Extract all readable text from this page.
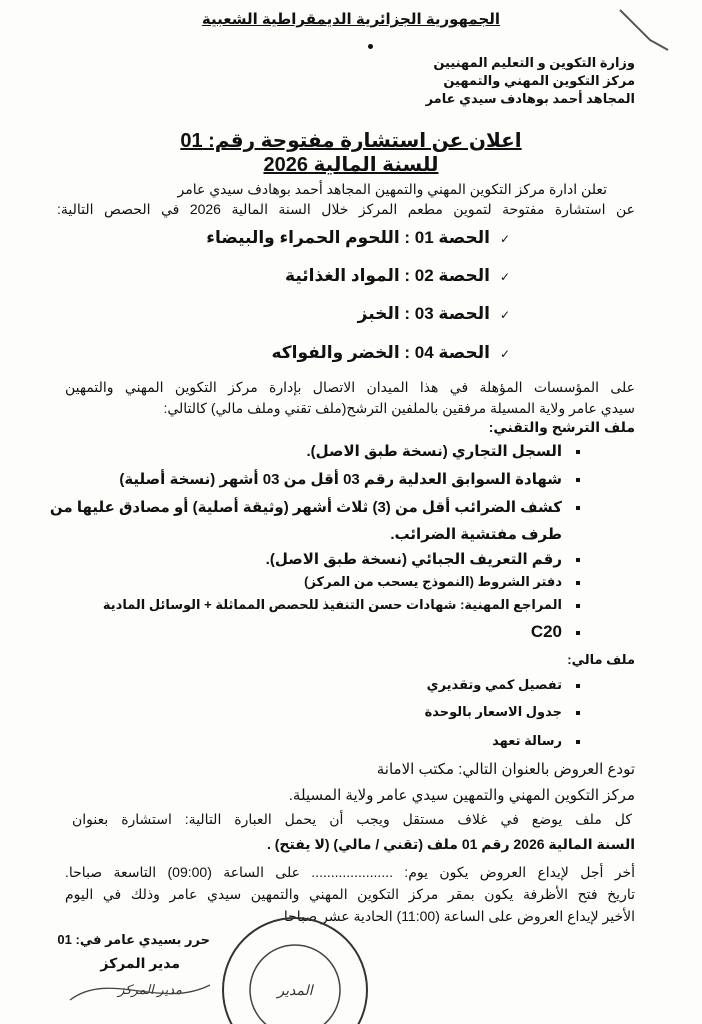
الجمهورية الجزائرية الديمقراطية الشعبية
وزارة التكوين و التعليم المهنيين
مركز التكوين المهني والتمهين
المجاهد أحمد بوهادف سيدي عامر
اعلان عن استشارة مفتوحة رقم: 01
للسنة المالية 2026
تعلن ادارة مركز التكوين المهني والتمهين المجاهد أحمد بوهادف سيدي عامر
عن استشارة مفتوحة لتموين مطعم المركز خلال السنة المالية 2026 في الحصص التالية:
✓الحصة 01 : اللحوم الحمراء والبيضاء
✓الحصة 02 : المواد الغذائية
✓الحصة 03 : الخبز
✓الحصة 04 : الخضر والفواكه
على المؤسسات المؤهلة في هذا الميدان الاتصال بإدارة مركز التكوين المهني والتمهين
سيدي عامر ولاية المسيلة مرفقين بالملفين الترشح(ملف تقني وملف مالي) كالتالي:
ملف الترشح والتقني:
السجل التجاري (نسخة طبق الاصل).
شهادة السوابق العدلية رقم 03 أقل من 03 أشهر (نسخة أصلية)
كشف الضرائب أقل من (3) ثلاث أشهر (وثيقة أصلية) أو مصادق عليها من
طرف مفتشية الضرائب.
رقم التعريف الجبائي (نسخة طبق الاصل).
دفتر الشروط (النموذج يسحب من المركز)
المراجع المهنية: شهادات حسن التنفيذ للحصص المماثلة + الوسائل المادية
C20
ملف مالي:
تفصيل كمي وتقديري
جدول الاسعار بالوحدة
رسالة تعهد
تودع العروض بالعنوان التالي: مكتب الامانة
مركز التكوين المهني والتمهين سيدي عامر ولاية المسيلة.
كل ملف يوضع في غلاف مستقل ويجب أن يحمل العبارة التالية: استشارة بعنوان
السنة المالية 2026 رقم 01 ملف (تقني / مالي) (لا يفتح) .
أخر أجل لإيداع العروض يكون يوم: ..................... على الساعة (09:00) التاسعة صباحا.
تاريخ فتح الأظرفة يكون بمقر مركز التكوين المهني والتمهين سيدي عامر وذلك في اليوم
الأخير لإيداع العروض على الساعة (11:00) الحادية عشر صباحا .
حرر بسيدي عامر في: 01
مدير المركز
مدير المركز	المدير
